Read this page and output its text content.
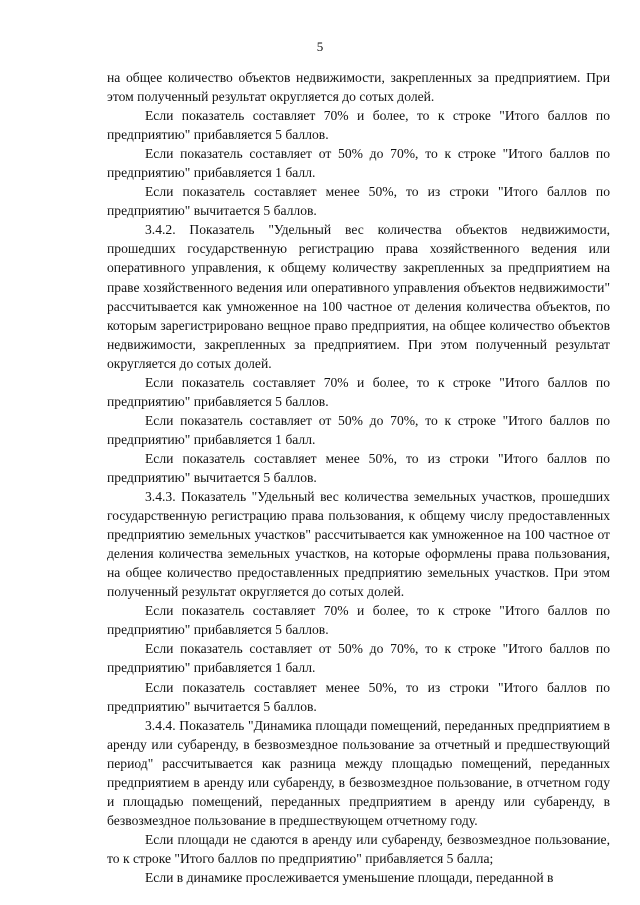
5

на общее количество объектов недвижимости, закрепленных за предприятием. При этом полученный результат округляется до сотых долей.

Если показатель составляет 70% и более, то к строке "Итого баллов по предприятию" прибавляется 5 баллов.

Если показатель составляет от 50% до 70%, то к строке "Итого баллов по предприятию" прибавляется 1 балл.

Если показатель составляет менее 50%, то из строки "Итого баллов по предприятию" вычитается 5 баллов.

3.4.2. Показатель "Удельный вес количества объектов недвижимости, прошедших государственную регистрацию права хозяйственного ведения или оперативного управления, к общему количеству закрепленных за предприятием на праве хозяйственного ведения или оперативного управления объектов недвижимости" рассчитывается как умноженное на 100 частное от деления количества объектов, по которым зарегистрировано вещное право предприятия, на общее количество объектов недвижимости, закрепленных за предприятием. При этом полученный результат округляется до сотых долей.

Если показатель составляет 70% и более, то к строке "Итого баллов по предприятию" прибавляется 5 баллов.

Если показатель составляет от 50% до 70%, то к строке "Итого баллов по предприятию" прибавляется 1 балл.

Если показатель составляет менее 50%, то из строки "Итого баллов по предприятию" вычитается 5 баллов.

3.4.3. Показатель "Удельный вес количества земельных участков, прошедших государственную регистрацию права пользования, к общему числу предоставленных предприятию земельных участков" рассчитывается как умноженное на 100 частное от деления количества земельных участков, на которые оформлены права пользования, на общее количество предоставленных предприятию земельных участков. При этом полученный результат округляется до сотых долей.

Если показатель составляет 70% и более, то к строке "Итого баллов по предприятию" прибавляется 5 баллов.

Если показатель составляет от 50% до 70%, то к строке "Итого баллов по предприятию" прибавляется 1 балл.

Если показатель составляет менее 50%, то из строки "Итого баллов по предприятию" вычитается 5 баллов.

3.4.4. Показатель "Динамика площади помещений, переданных предприятием в аренду или субаренду, в безвозмездное пользование за отчетный и предшествующий период" рассчитывается как разница между площадью помещений, переданных предприятием в аренду или субаренду, в безвозмездное пользование, в отчетном году и площадью помещений, переданных предприятием в аренду или субаренду, в безвозмездное пользование в предшествующем отчетному году.

Если площади не сдаются в аренду или субаренду, безвозмездное пользование, то к строке "Итого баллов по предприятию" прибавляется 5 балла;

Если в динамике прослеживается уменьшение площади, переданной в
